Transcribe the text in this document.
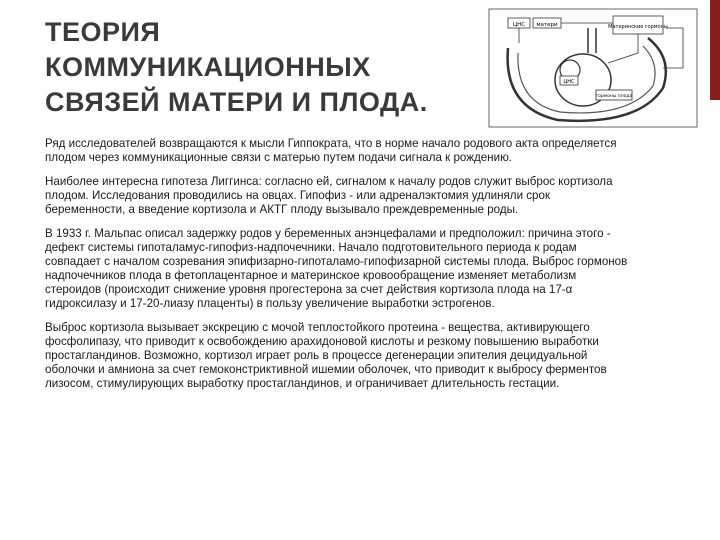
ТЕОРИЯ
КОММУНИКАЦИОННЫХ
СВЯЗЕЙ МАТЕРИ И ПЛОДА.
ЦНС матери	Материнские гормоны
ЦНС
гормоны плода

Ряд исследователей возвращаются к мысли Гиппократа, что в норме начало родового акта определяется плодом через коммуникационные связи с матерью путем подачи сигнала к рождению.

Наиболее интересна гипотеза Лиггинса: согласно ей, сигналом к началу родов служит выброс кортизола плодом. Исследования проводились на овцах. Гипофиз - или адреналэктомия удлиняли срок беременности, а введение кортизола и АКТГ плоду вызывало преждевременные роды.

В 1933 г. Мальпас описал задержку родов у беременных анэнцефалами и предположил: причина этого - дефект системы гипоталамус-гипофиз-надпочечники. Начало подготовительного периода к родам совпадает с началом созревания эпифизарно-гипоталамо-гипофизарной системы плода. Выброс гормонов надпочечников плода в фетоплацентарное и материнское кровообращение изменяет метаболизм стероидов (происходит снижение уровня прогестерона за счет действия кортизола плода на 17-α гидроксилазу и 17-20-лиазу плаценты) в пользу увеличение выработки эстрогенов.

Выброс кортизола вызывает экскрецию с мочой теплостойкого протеина - вещества, активирующего фосфолипазу, что приводит к освобождению арахидоновой кислоты и резкому повышению выработки простагландинов. Возможно, кортизол играет роль в процессе дегенерации эпителия децидуальной оболочки и амниона за счет гемоконстриктивной ишемии оболочек, что приводит к выбросу ферментов лизосом, стимулирующих выработку простагландинов, и ограничивает длительность гестации.
